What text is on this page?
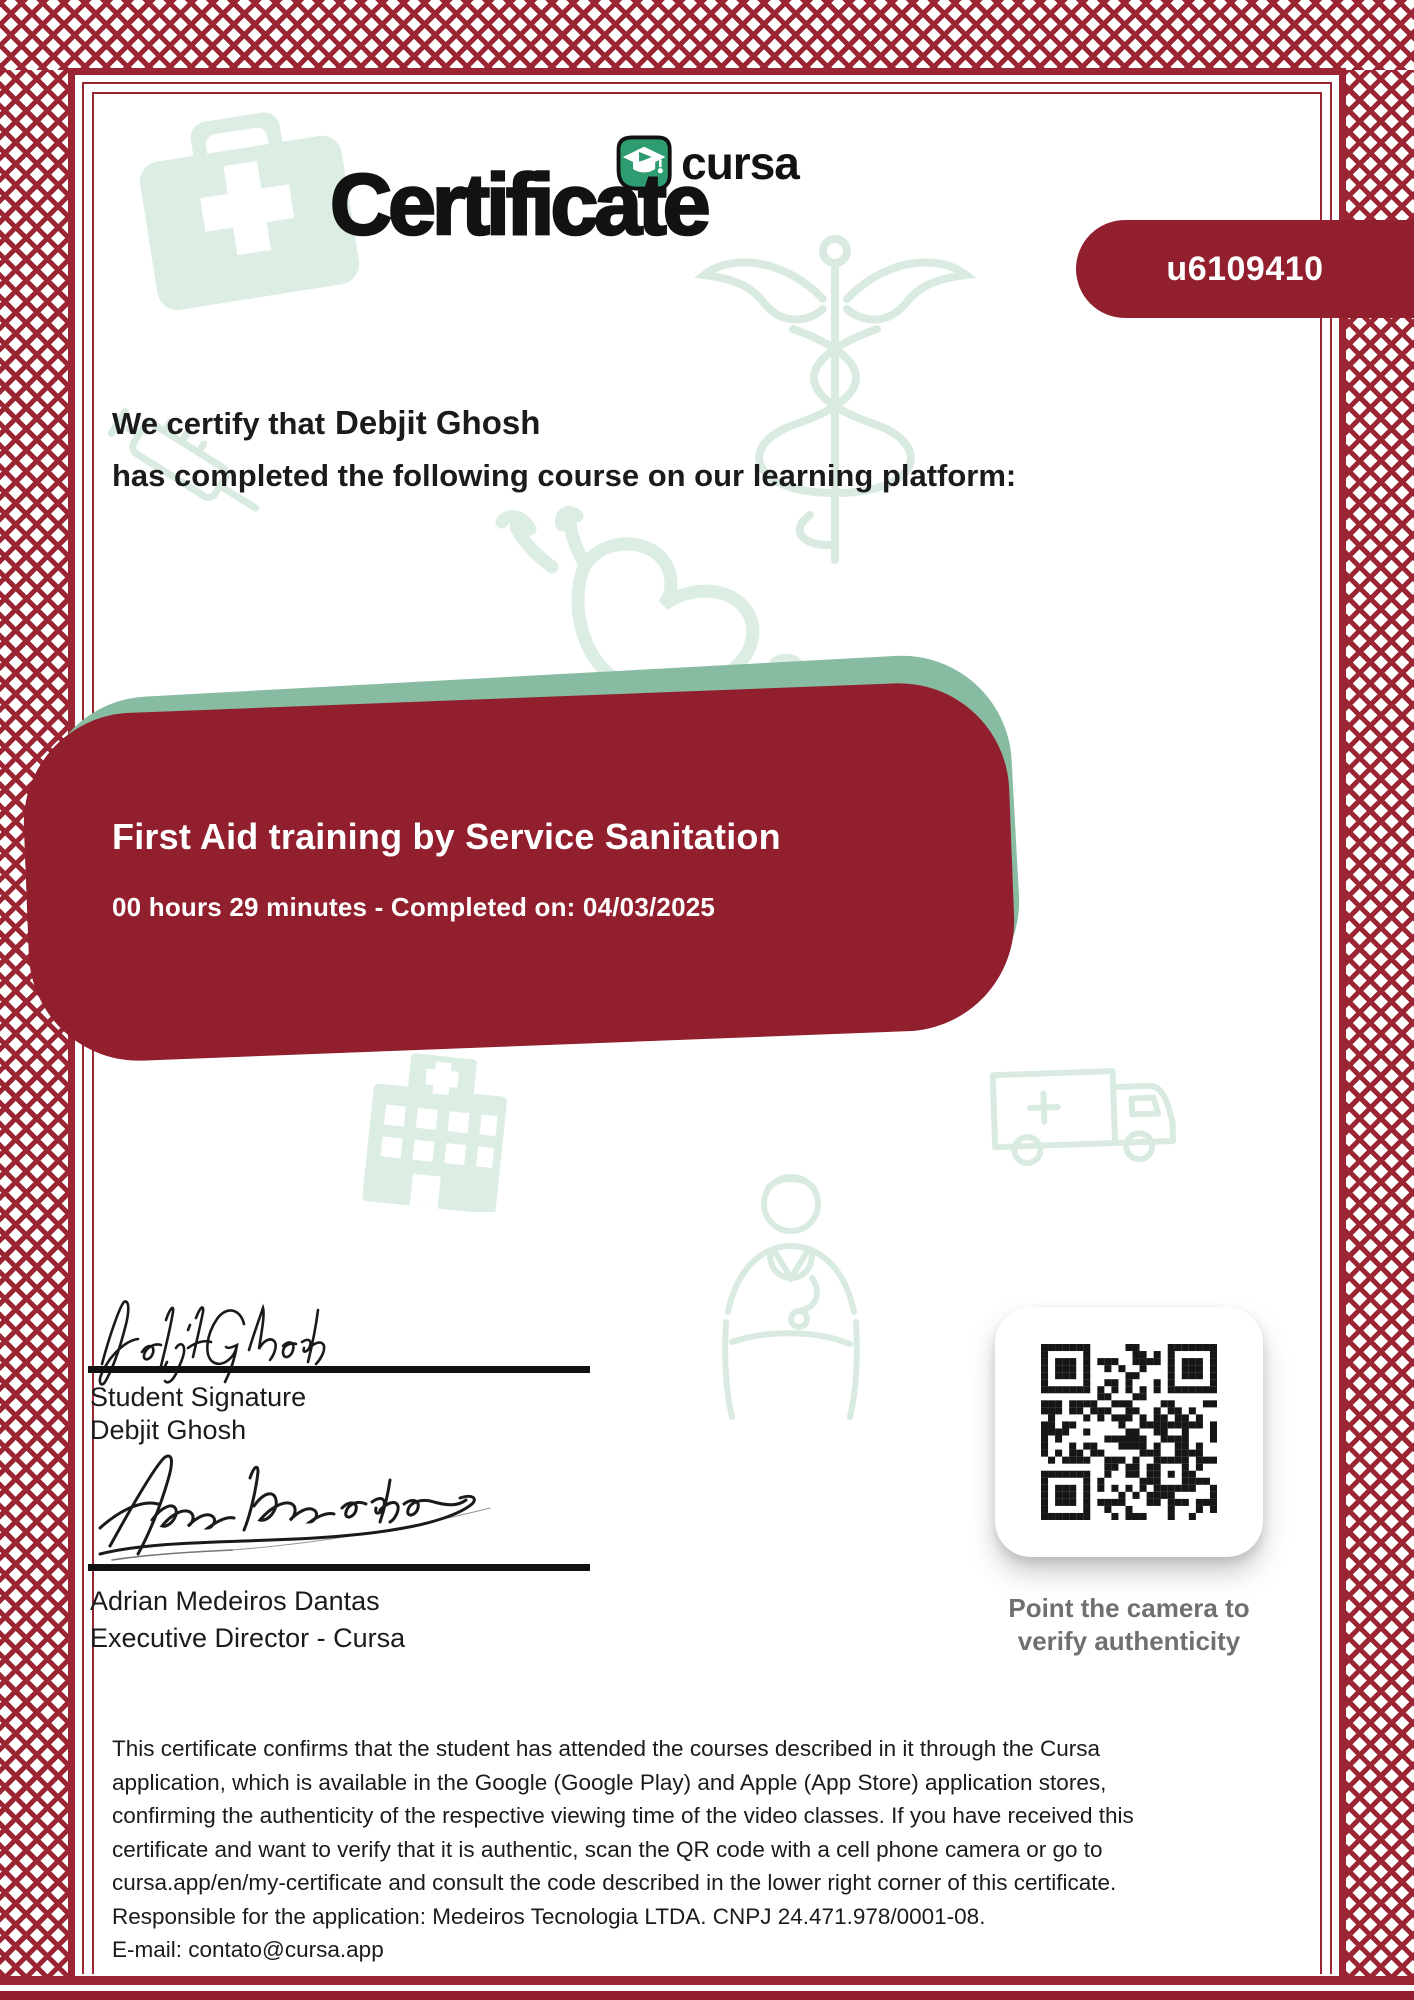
cursa
Certificate
u6109410
We certify that Debjit Ghosh
has completed the following course on our learning platform:
First Aid training by Service Sanitation
00 hours 29 minutes - Completed on: 04/03/2025
Student Signature
Debjit Ghosh
Adrian Medeiros Dantas
Executive Director - Cursa
Point the camera to
verify authenticity
This certificate confirms that the student has attended the courses described in it through the Cursa
application, which is available in the Google (Google Play) and Apple (App Store) application stores,
confirming the authenticity of the respective viewing time of the video classes. If you have received this
certificate and want to verify that it is authentic, scan the QR code with a cell phone camera or go to
cursa.app/en/my-certificate and consult the code described in the lower right corner of this certificate.
Responsible for the application: Medeiros Tecnologia LTDA. CNPJ 24.471.978/0001-08.
E-mail: contato@cursa.app
